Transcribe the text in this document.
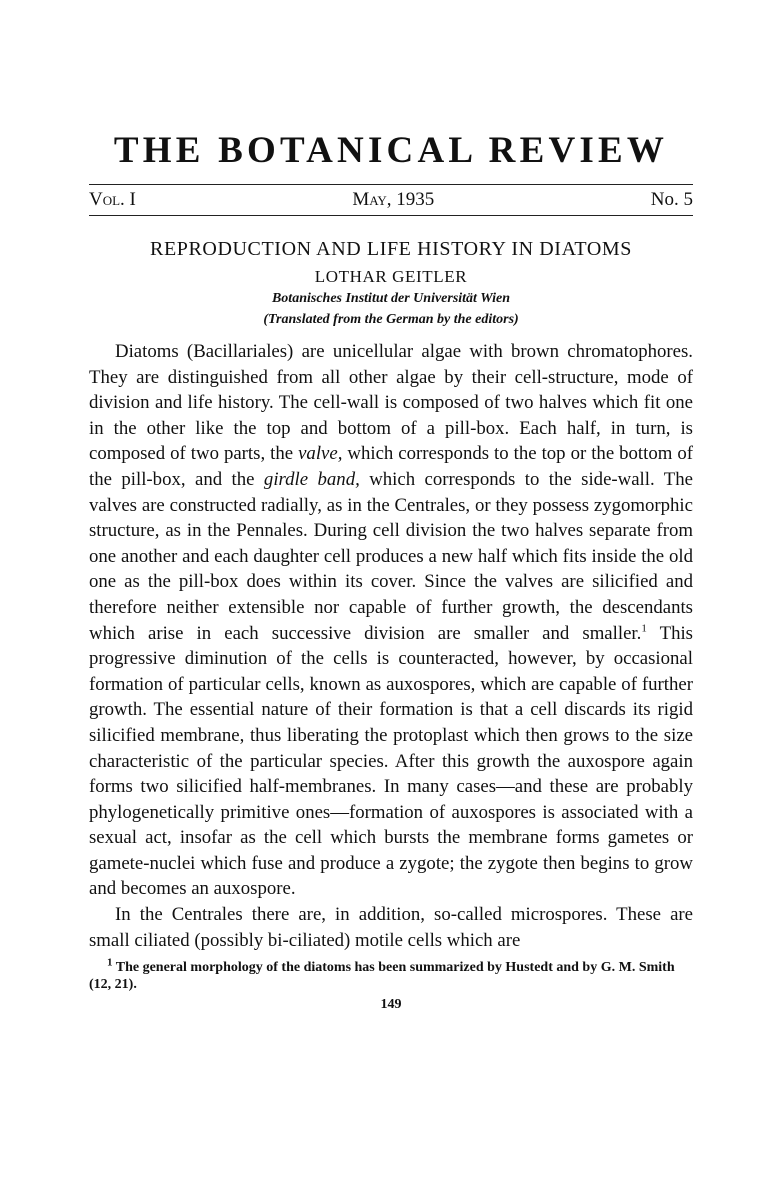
THE BOTANICAL REVIEW
Vol. I	May, 1935	No. 5
REPRODUCTION AND LIFE HISTORY IN DIATOMS
LOTHAR GEITLER
Botanisches Institut der Universität Wien
(Translated from the German by the editors)

Diatoms (Bacillariales) are unicellular algae with brown chromatophores. They are distinguished from all other algae by their cell-structure, mode of division and life history. The cell-wall is composed of two halves which fit one in the other like the top and bottom of a pill-box. Each half, in turn, is composed of two parts, the valve, which corresponds to the top or the bottom of the pill-box, and the girdle band, which corresponds to the side-wall. The valves are constructed radially, as in the Centrales, or they possess zygomorphic structure, as in the Pennales. During cell division the two halves separate from one another and each daughter cell produces a new half which fits inside the old one as the pill-box does within its cover. Since the valves are silicified and therefore neither extensible nor capable of further growth, the descendants which arise in each successive division are smaller and smaller.$^1$ This progressive diminution of the cells is counteracted, however, by occasional formation of particular cells, known as auxospores, which are capable of further growth. The essential nature of their formation is that a cell discards its rigid silicified membrane, thus liberating the protoplast which then grows to the size characteristic of the particular species. After this growth the auxospore again forms two silicified half-membranes. In many cases—and these are probably phylogenetically primitive ones—formation of auxospores is associated with a sexual act, insofar as the cell which bursts the membrane forms gametes or gamete-nuclei which fuse and produce a zygote; the zygote then begins to grow and becomes an auxospore.

In the Centrales there are, in addition, so-called microspores. These are small ciliated (possibly bi-ciliated) motile cells which are

$^1$ The general morphology of the diatoms has been summarized by Hustedt and by G. M. Smith (12, 21).
149
